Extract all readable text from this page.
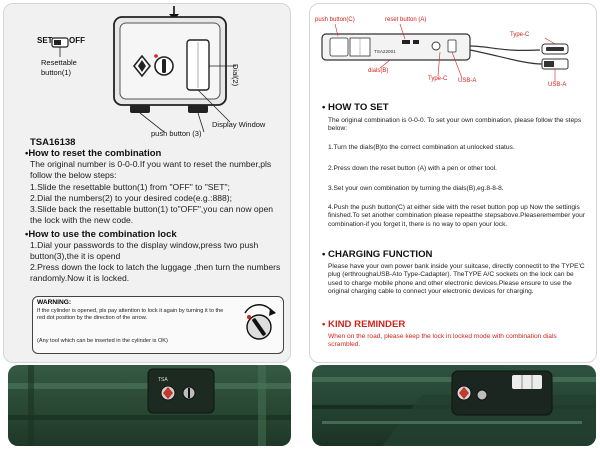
SET OFF
Resettable button(1)	Dial(2)
Display Window
push button (3)
TSA16138
•How to reset the combination
The original number is 0-0-0.If you want to reset the number,pls follow the below steps:
1.Slide the resettable button(1) from "OFF" to "SET";
2.Dial the numbers(2) to your desired code(e.g.:888);
3.Slide back the resettable button(1) to"OFF",you can now open the lock with the new code.
•How to use the combination lock
1.Dial your passwords to the display window,press two push button(3),the it is opend
2.Press down the lock to latch the luggage ,then turn the numbers randomly.Now it is locked.
WARNING:
If the cylinder is opened, pls pay attention to lock it again by turning it to the red dot position by the direction of the arrow.
(Any tool which can be inserted in the cylinder is OK)
push button(C)	reset button (A)
Type-C
TSA22001
dials(B)
Type-C USB-A
USB-A
• HOW TO SET
The original combination is 0-0-0. To set your own combination, please follow the steps below:
1.Turn the dials(B)to the correct combination at unlocked status.
2.Press down the reset button (A) with a pen or other tool.
3.Set your own combination by turning the dials(B),eg.8-8-8.
4.Push the push button(C) at either side with the reset button pop up Now the settingis finished.To set another combination please repeatthe stepsabove.Pleaseremember your combination-if you forget it, there is no way to open your lock.
• CHARGING FUNCTION
Please have your own power bank inside your suitcase, directly connectit to the TYPE'C plug (erthroughaUSB-Ato Type-Cadapter). TheTYPE A/C sockets on the lock can be used to charge mobile phone and other electronic devices.Please ensure to use the original charging cable to connect your electronic devices for charging.
• KIND REMINDER
When on the road, please keep the lock in locked mode with combination dials scrambled.
TSA
